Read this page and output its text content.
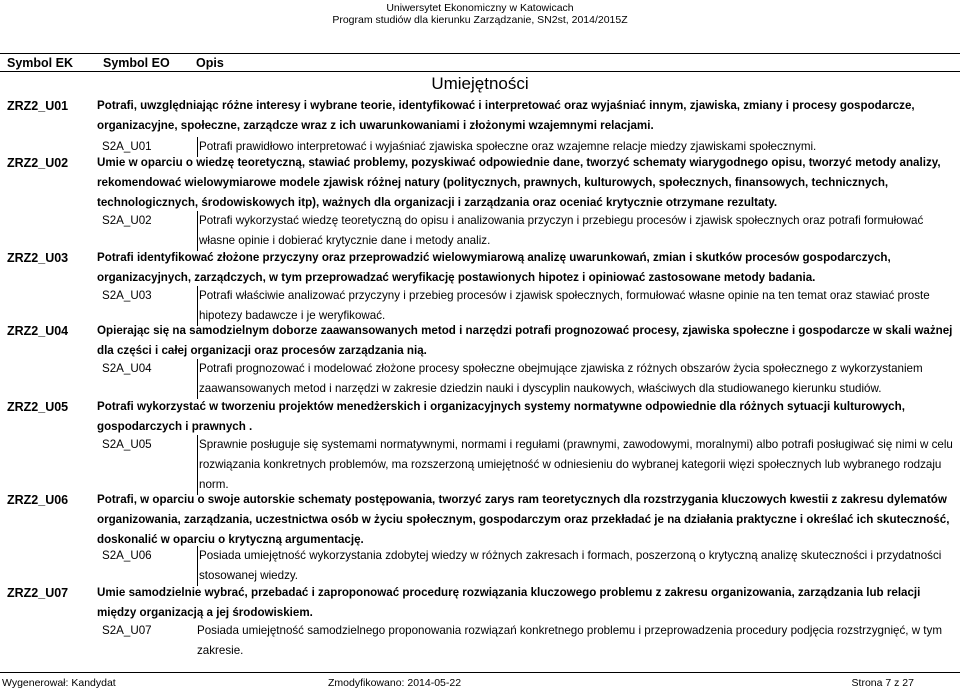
Uniwersytet Ekonomiczny w Katowicach
Program studiów dla kierunku Zarządzanie, SN2st, 2014/2015Z
Symbol EK Symbol EO Opis
Umiejętności
ZRZ2_U01 Potrafi, uwzględniając różne interesy i wybrane teorie, identyfikować i interpretować oraz wyjaśniać innym, zjawiska, zmiany i procesy gospodarcze, organizacyjne, społeczne, zarządcze wraz z ich uwarunkowaniami i złożonymi wzajemnymi relacjami.
S2A_U01	Potrafi prawidłowo interpretować i wyjaśniać zjawiska społeczne oraz wzajemne relacje miedzy zjawiskami społecznymi.
ZRZ2_U02 Umie w oparciu o wiedzę teoretyczną, stawiać problemy, pozyskiwać odpowiednie dane, tworzyć schematy wiarygodnego opisu, tworzyć metody analizy, rekomendować wielowymiarowe modele zjawisk różnej natury (politycznych, prawnych, kulturowych, społecznych, finansowych, technicznych, technologicznych, środowiskowych itp), ważnych dla organizacji i zarządzania oraz oceniać krytycznie otrzymane rezultaty.
S2A_U02	Potrafi wykorzystać wiedzę teoretyczną do opisu i analizowania przyczyn i przebiegu procesów i zjawisk społecznych oraz potrafi formułować własne opinie i dobierać krytycznie dane i metody analiz.
ZRZ2_U03 Potrafi identyfikować złożone przyczyny oraz przeprowadzić wielowymiarową analizę uwarunkowań, zmian i skutków procesów gospodarczych, organizacyjnych, zarządczych, w tym przeprowadzać weryfikację postawionych hipotez i opiniować zastosowane metody badania.
S2A_U03	Potrafi właściwie analizować przyczyny i przebieg procesów i zjawisk społecznych, formułować własne opinie na ten temat oraz stawiać proste hipotezy badawcze i je weryfikować.
ZRZ2_U04 Opierając się na samodzielnym doborze zaawansowanych metod i narzędzi potrafi prognozować procesy, zjawiska społeczne i gospodarcze w skali ważnej dla części i całej organizacji oraz procesów zarządzania nią.
S2A_U04	Potrafi prognozować i modelować złożone procesy społeczne obejmujące zjawiska z różnych obszarów życia społecznego z wykorzystaniem zaawansowanych metod i narzędzi w zakresie dziedzin nauki i dyscyplin naukowych, właściwych dla studiowanego kierunku studiów.
ZRZ2_U05 Potrafi wykorzystać w tworzeniu projektów menedżerskich i organizacyjnych systemy normatywne odpowiednie dla różnych sytuacji kulturowych, gospodarczych i prawnych .
S2A_U05	Sprawnie posługuje się systemami normatywnymi, normami i regułami (prawnymi, zawodowymi, moralnymi) albo potrafi posługiwać się nimi w celu rozwiązania konkretnych problemów, ma rozszerzoną umiejętność w odniesieniu do wybranej kategorii więzi społecznych lub wybranego rodzaju norm.
ZRZ2_U06 Potrafi, w oparciu o swoje autorskie schematy postępowania, tworzyć zarys ram teoretycznych dla rozstrzygania kluczowych kwestii z zakresu dylematów organizowania, zarządzania, uczestnictwa osób w życiu społecznym, gospodarczym oraz przekładać je na działania praktyczne i określać ich skuteczność, doskonalić w oparciu o krytyczną argumentację.
S2A_U06	Posiada umiejętność wykorzystania zdobytej wiedzy w różnych zakresach i formach, poszerzoną o krytyczną analizę skuteczności i przydatności stosowanej wiedzy.
ZRZ2_U07 Umie samodzielnie wybrać, przebadać i zaproponować procedurę rozwiązania kluczowego problemu z zakresu organizowania, zarządzania lub relacji między organizacją a jej środowiskiem.
S2A_U07	Posiada umiejętność samodzielnego proponowania rozwiązań konkretnego problemu i przeprowadzenia procedury podjęcia rozstrzygnięć, w tym zakresie.
Wygenerował: Kandydat	Zmodyfikowano: 2014-05-22	Strona 7 z 27
